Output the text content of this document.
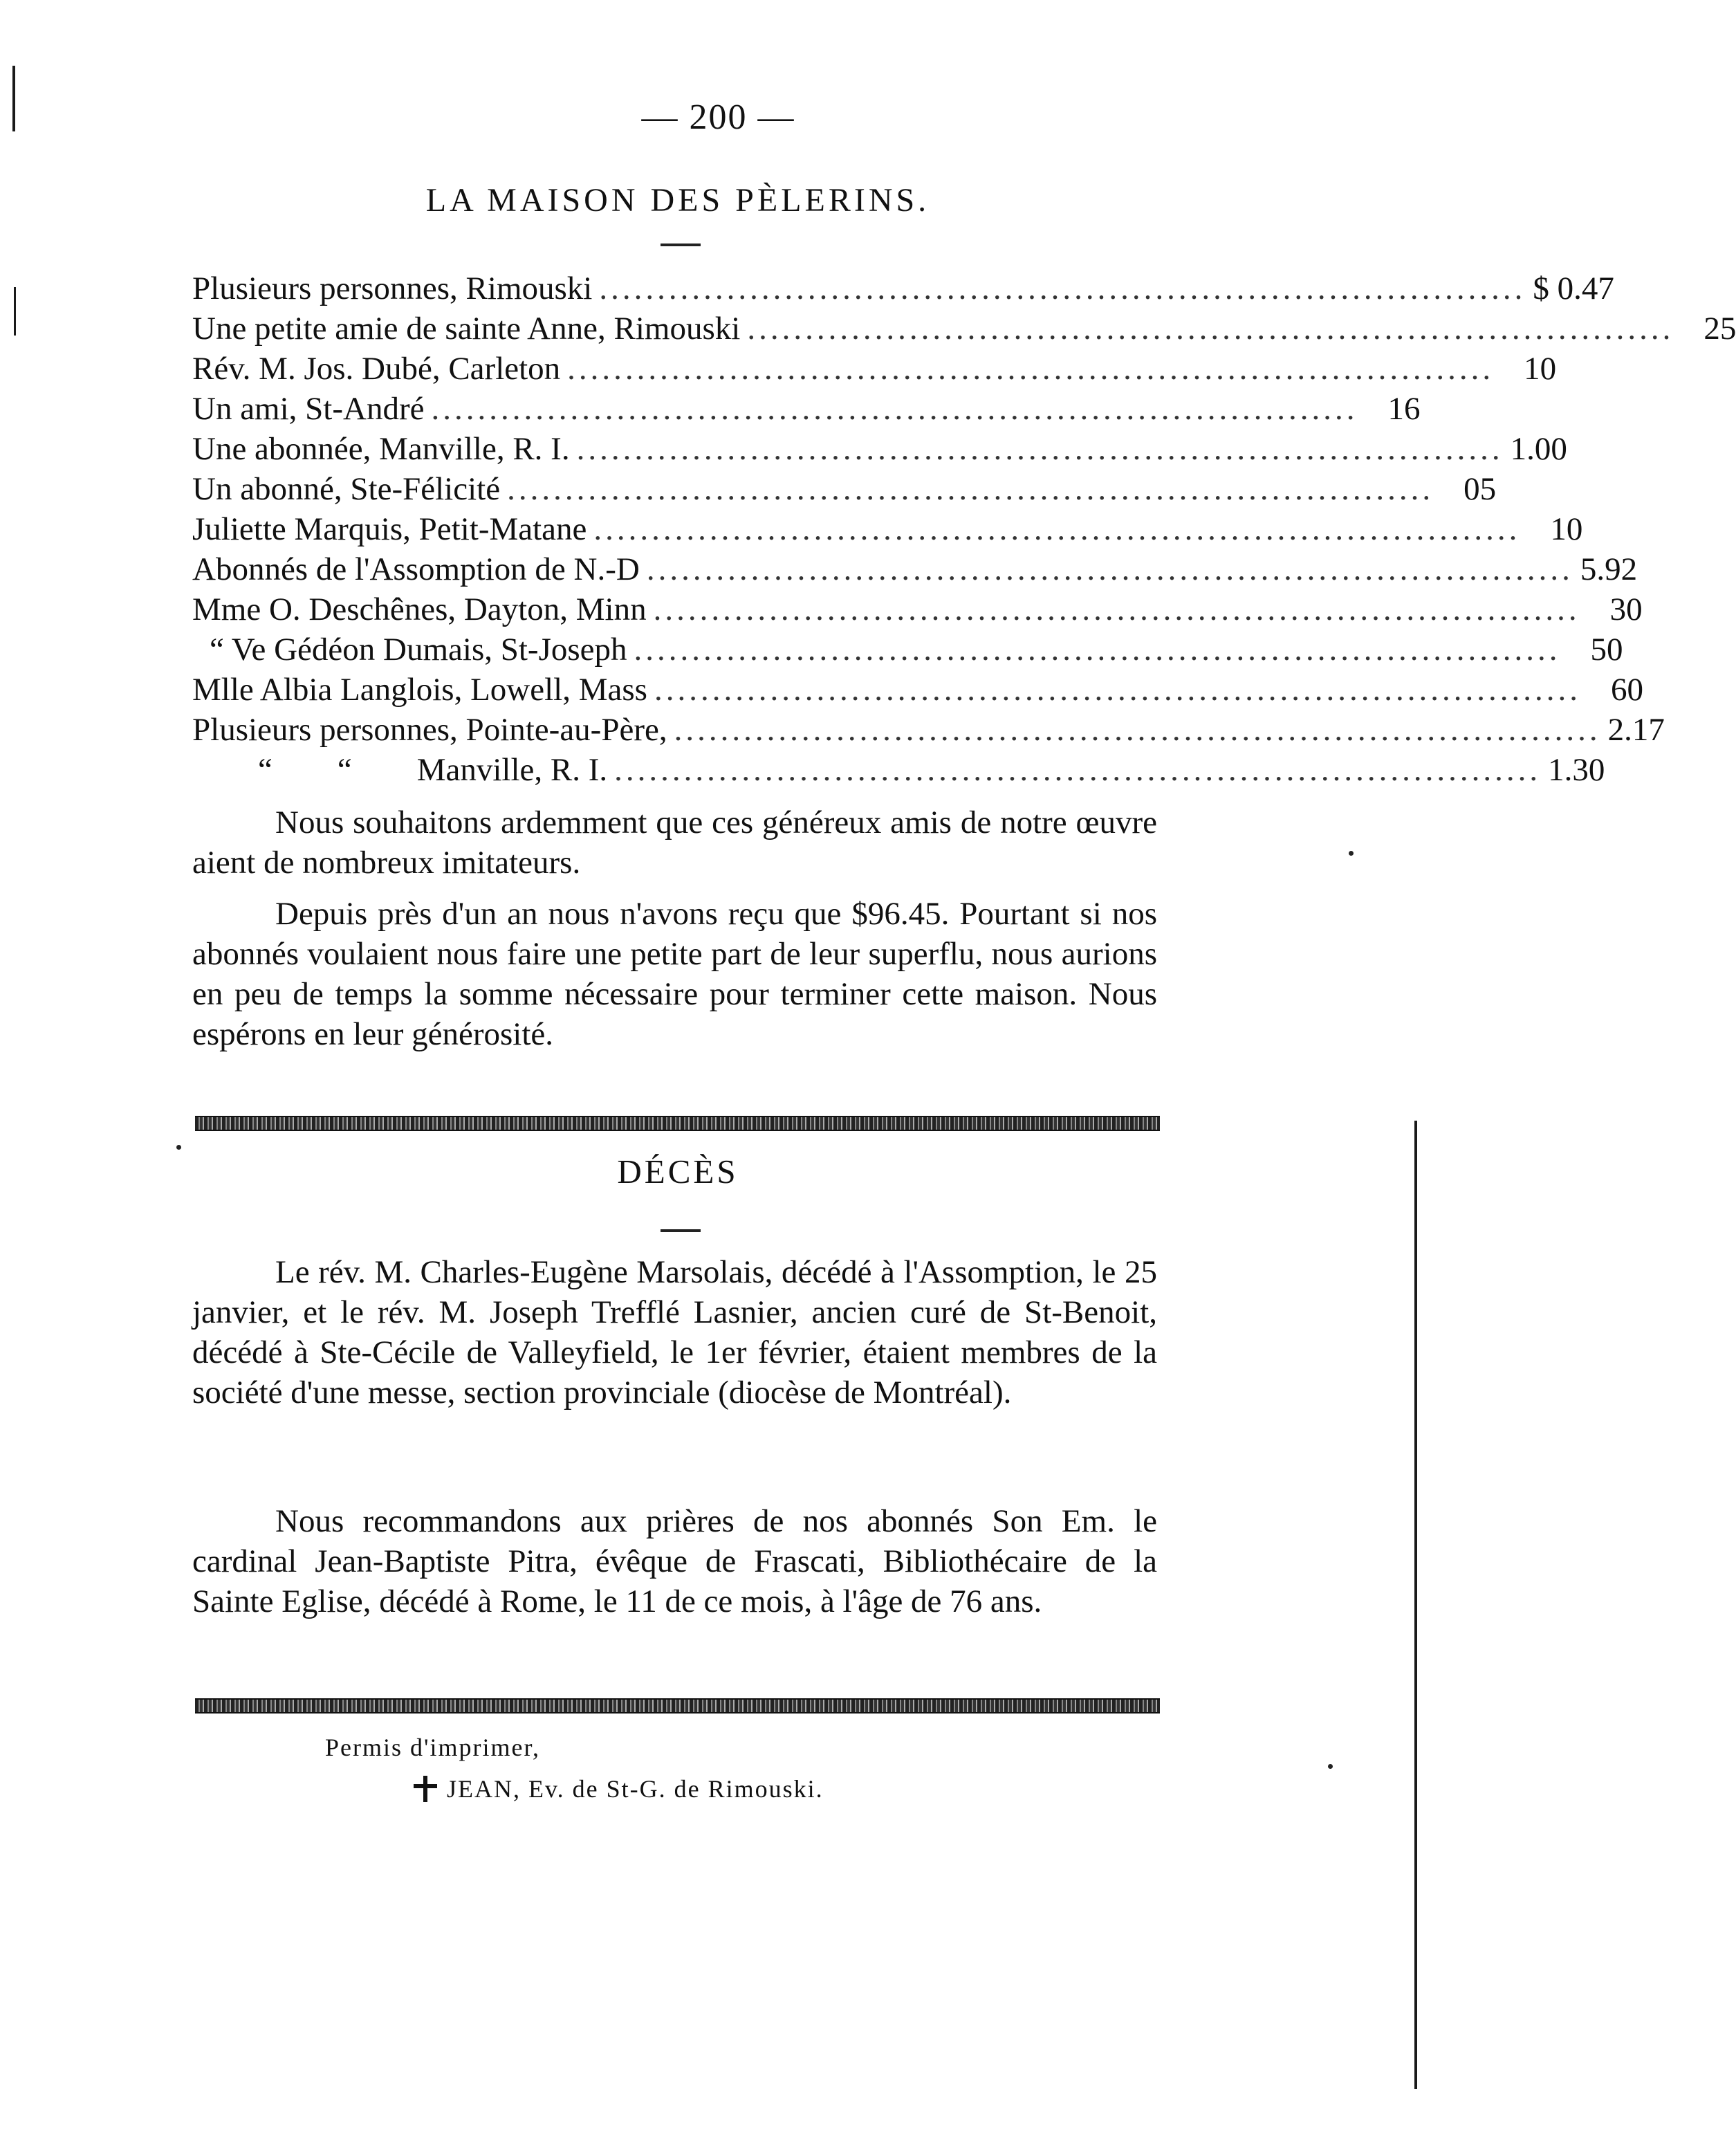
— 200 —
LA MAISON DES PÈLERINS.
Plusieurs personnes, Rimouski ................................................................................ $ 0.47
Une petite amie de sainte Anne, Rimouski ................................................................................ 25
Rév. M. Jos. Dubé, Carleton ................................................................................ 10
Un ami, St-André ................................................................................ 16
Une abonnée, Manville, R. I. ................................................................................ 1.00
Un abonné, Ste-Félicité ................................................................................ 05
Juliette Marquis, Petit-Matane ................................................................................ 10
Abonnés de l'Assomption de N.-D ................................................................................ 5.92
Mme O. Deschênes, Dayton, Minn ................................................................................ 30
“ Ve Gédéon Dumais, St-Joseph ................................................................................ 50
Mlle Albia Langlois, Lowell, Mass ................................................................................ 60
Plusieurs personnes, Pointe-au-Père, ................................................................................ 2.17
“        “        Manville, R. I. ................................................................................ 1.30

Nous souhaitons ardemment que ces généreux amis de notre œuvre aient de nombreux imitateurs.

Depuis près d'un an nous n'avons reçu que $96.45. Pourtant si nos abonnés voulaient nous faire une petite part de leur superflu, nous aurions en peu de temps la somme nécessaire pour terminer cette maison. Nous espérons en leur générosité.

DÉCÈS

Le rév. M. Charles-Eugène Marsolais, décédé à l'Assomption, le 25 janvier, et le rév. M. Joseph Trefflé Lasnier, ancien curé de St-Benoit, décédé à Ste-Cécile de Valleyfield, le 1er février, étaient membres de la société d'une messe, section provinciale (diocèse de Montréal).

Nous recommandons aux prières de nos abonnés Son Em. le cardinal Jean-Baptiste Pitra, évêque de Frascati, Bibliothécaire de la Sainte Eglise, décédé à Rome, le 11 de ce mois, à l'âge de 76 ans.

Permis d'imprimer,
JEAN, Ev. de St-G. de Rimouski.
